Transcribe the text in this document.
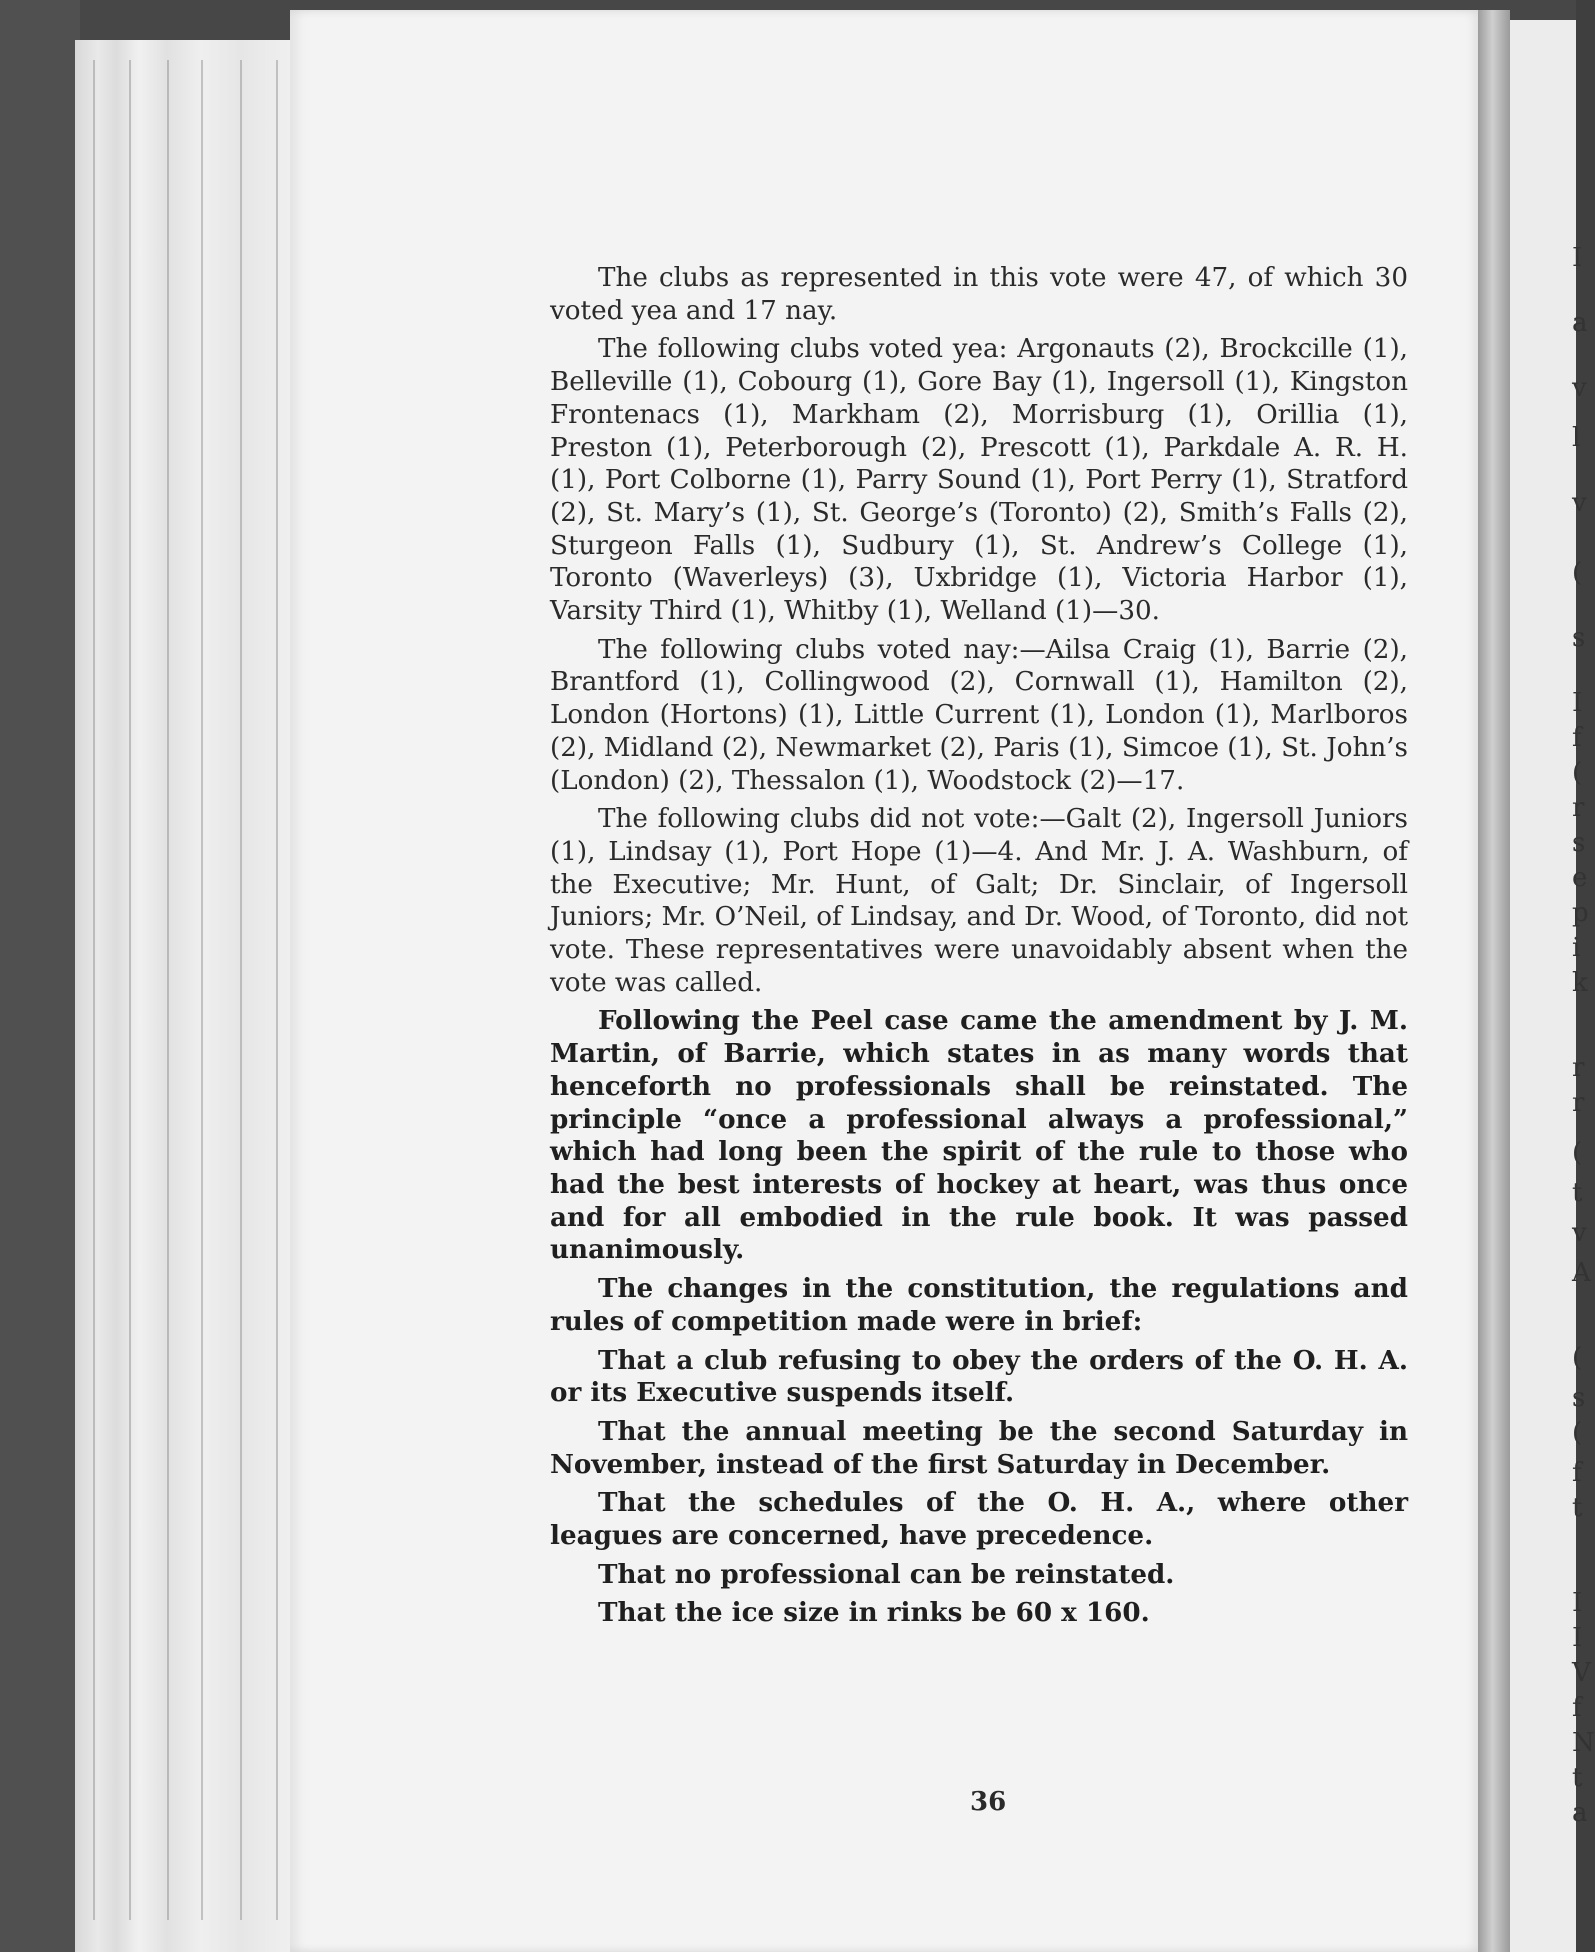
I
a
v
l
v
(
s
I
f
(
r
s
e
p
i
k
r
r
(
t
v
A
(
s
(
f
t
I
I
V
f
N
t
a

The clubs as represented in this vote were 47, of which 30 voted yea and 17 nay.

The following clubs voted yea: Argonauts (2), Brockcille (1), Belleville (1), Cobourg (1), Gore Bay (1), Ingersoll (1), Kingston Frontenacs (1), Markham (2), Morrisburg (1), Orillia (1), Preston (1), Peterborough (2), Prescott (1), Parkdale A. R. H. (1), Port Colborne (1), Parry Sound (1), Port Perry (1), Stratford (2), St. Mary’s (1), St. George’s (Toronto) (2), Smith’s Falls (2), Sturgeon Falls (1), Sudbury (1), St. Andrew’s College (1), Toronto (Waverleys) (3), Uxbridge (1), Victoria Harbor (1), Varsity Third (1), Whitby (1), Welland (1)—30.

The following clubs voted nay:—Ailsa Craig (1), Barrie (2), Brantford (1), Collingwood (2), Cornwall (1), Hamilton (2), London (Hortons) (1), Little Current (1), London (1), Marlboros (2), Midland (2), Newmarket (2), Paris (1), Simcoe (1), St. John’s (London) (2), Thessalon (1), Woodstock (2)—17.

The following clubs did not vote:—Galt (2), Ingersoll Juniors (1), Lindsay (1), Port Hope (1)—4. And Mr. J. A. Washburn, of the Executive; Mr. Hunt, of Galt; Dr. Sinclair, of Ingersoll Juniors; Mr. O’Neil, of Lindsay, and Dr. Wood, of Toronto, did not vote. These representatives were unavoidably absent when the vote was called.

Following the Peel case came the amendment by J. M. Martin, of Barrie, which states in as many words that henceforth no professionals shall be reinstated. The principle “once a professional always a professional,” which had long been the spirit of the rule to those who had the best interests of hockey at heart, was thus once and for all embodied in the rule book. It was passed unanimously.

The changes in the constitution, the regulations and rules of competition made were in brief:

That a club refusing to obey the orders of the O. H. A. or its Executive suspends itself.

That the annual meeting be the second Saturday in November, instead of the first Saturday in December.

That the schedules of the O. H. A., where other leagues are concerned, have precedence.

That no professional can be reinstated.

That the ice size in rinks be 60 x 160.

36
